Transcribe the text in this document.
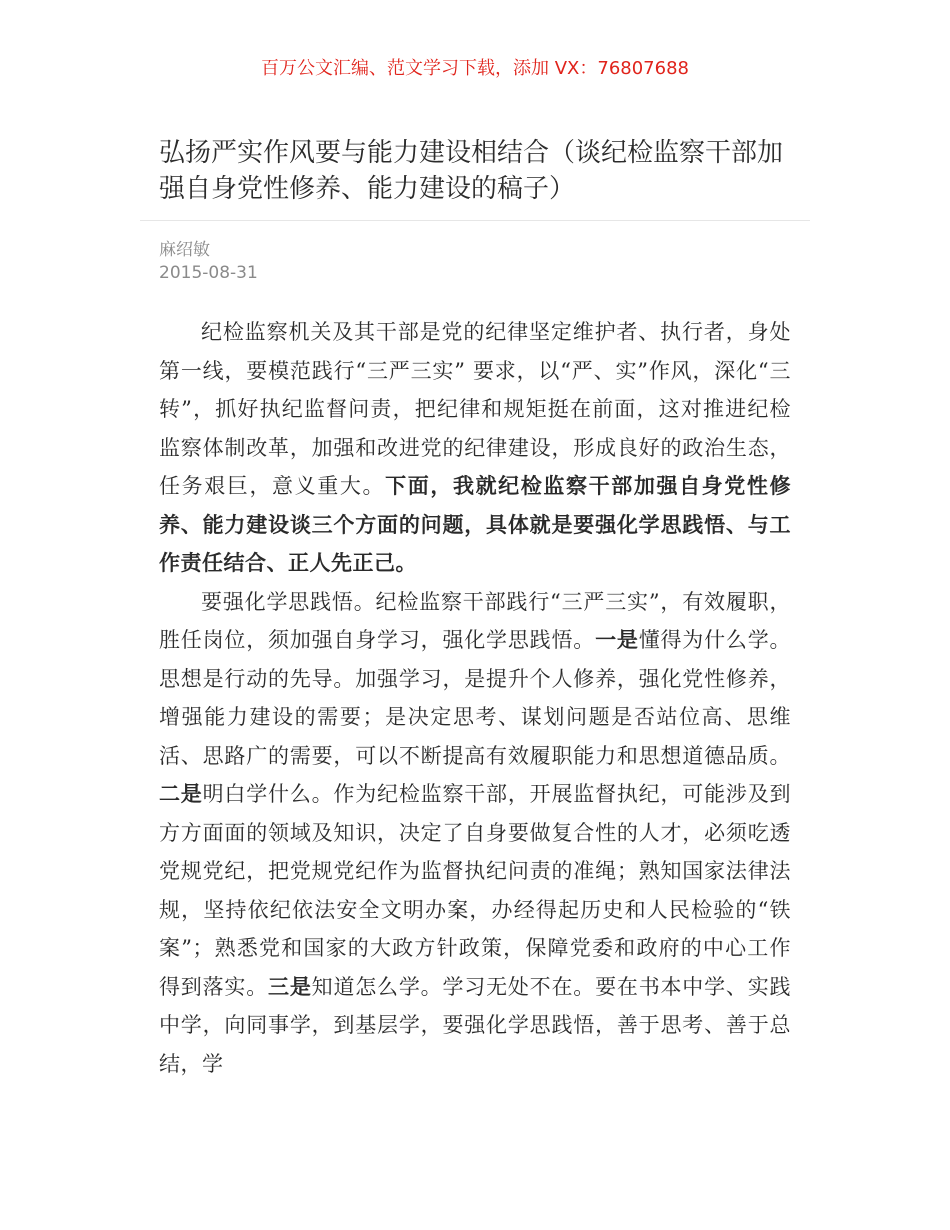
百万公文汇编、范文学习下载，添加 VX：76807688
弘扬严实作风要与能力建设相结合（谈纪检监察干部加强自身党性修养、能力建设的稿子）
麻绍敏
2015-08-31

纪检监察机关及其干部是党的纪律坚定维护者、执行者，身处第一线，要模范践行“三严三实” 要求，以“严、实”作风，深化“三转”，抓好执纪监督问责，把纪律和规矩挺在前面，这对推进纪检监察体制改革，加强和改进党的纪律建设，形成良好的政治生态，任务艰巨，意义重大。下面，我就纪检监察干部加强自身党性修养、能力建设谈三个方面的问题，具体就是要强化学思践悟、与工作责任结合、正人先正己。

要强化学思践悟。纪检监察干部践行“三严三实”，有效履职，胜任岗位，须加强自身学习，强化学思践悟。一是懂得为什么学。思想是行动的先导。加强学习，是提升个人修养，强化党性修养，增强能力建设的需要；是决定思考、谋划问题是否站位高、思维活、思路广的需要，可以不断提高有效履职能力和思想道德品质。二是明白学什么。作为纪检监察干部，开展监督执纪，可能涉及到方方面面的领域及知识，决定了自身要做复合性的人才，必须吃透党规党纪，把党规党纪作为监督执纪问责的准绳；熟知国家法律法规，坚持依纪依法安全文明办案，办经得起历史和人民检验的“铁案”；熟悉党和国家的大政方针政策，保障党委和政府的中心工作得到落实。三是知道怎么学。学习无处不在。要在书本中学、实践中学，向同事学，到基层学，要强化学思践悟，善于思考、善于总结，学
